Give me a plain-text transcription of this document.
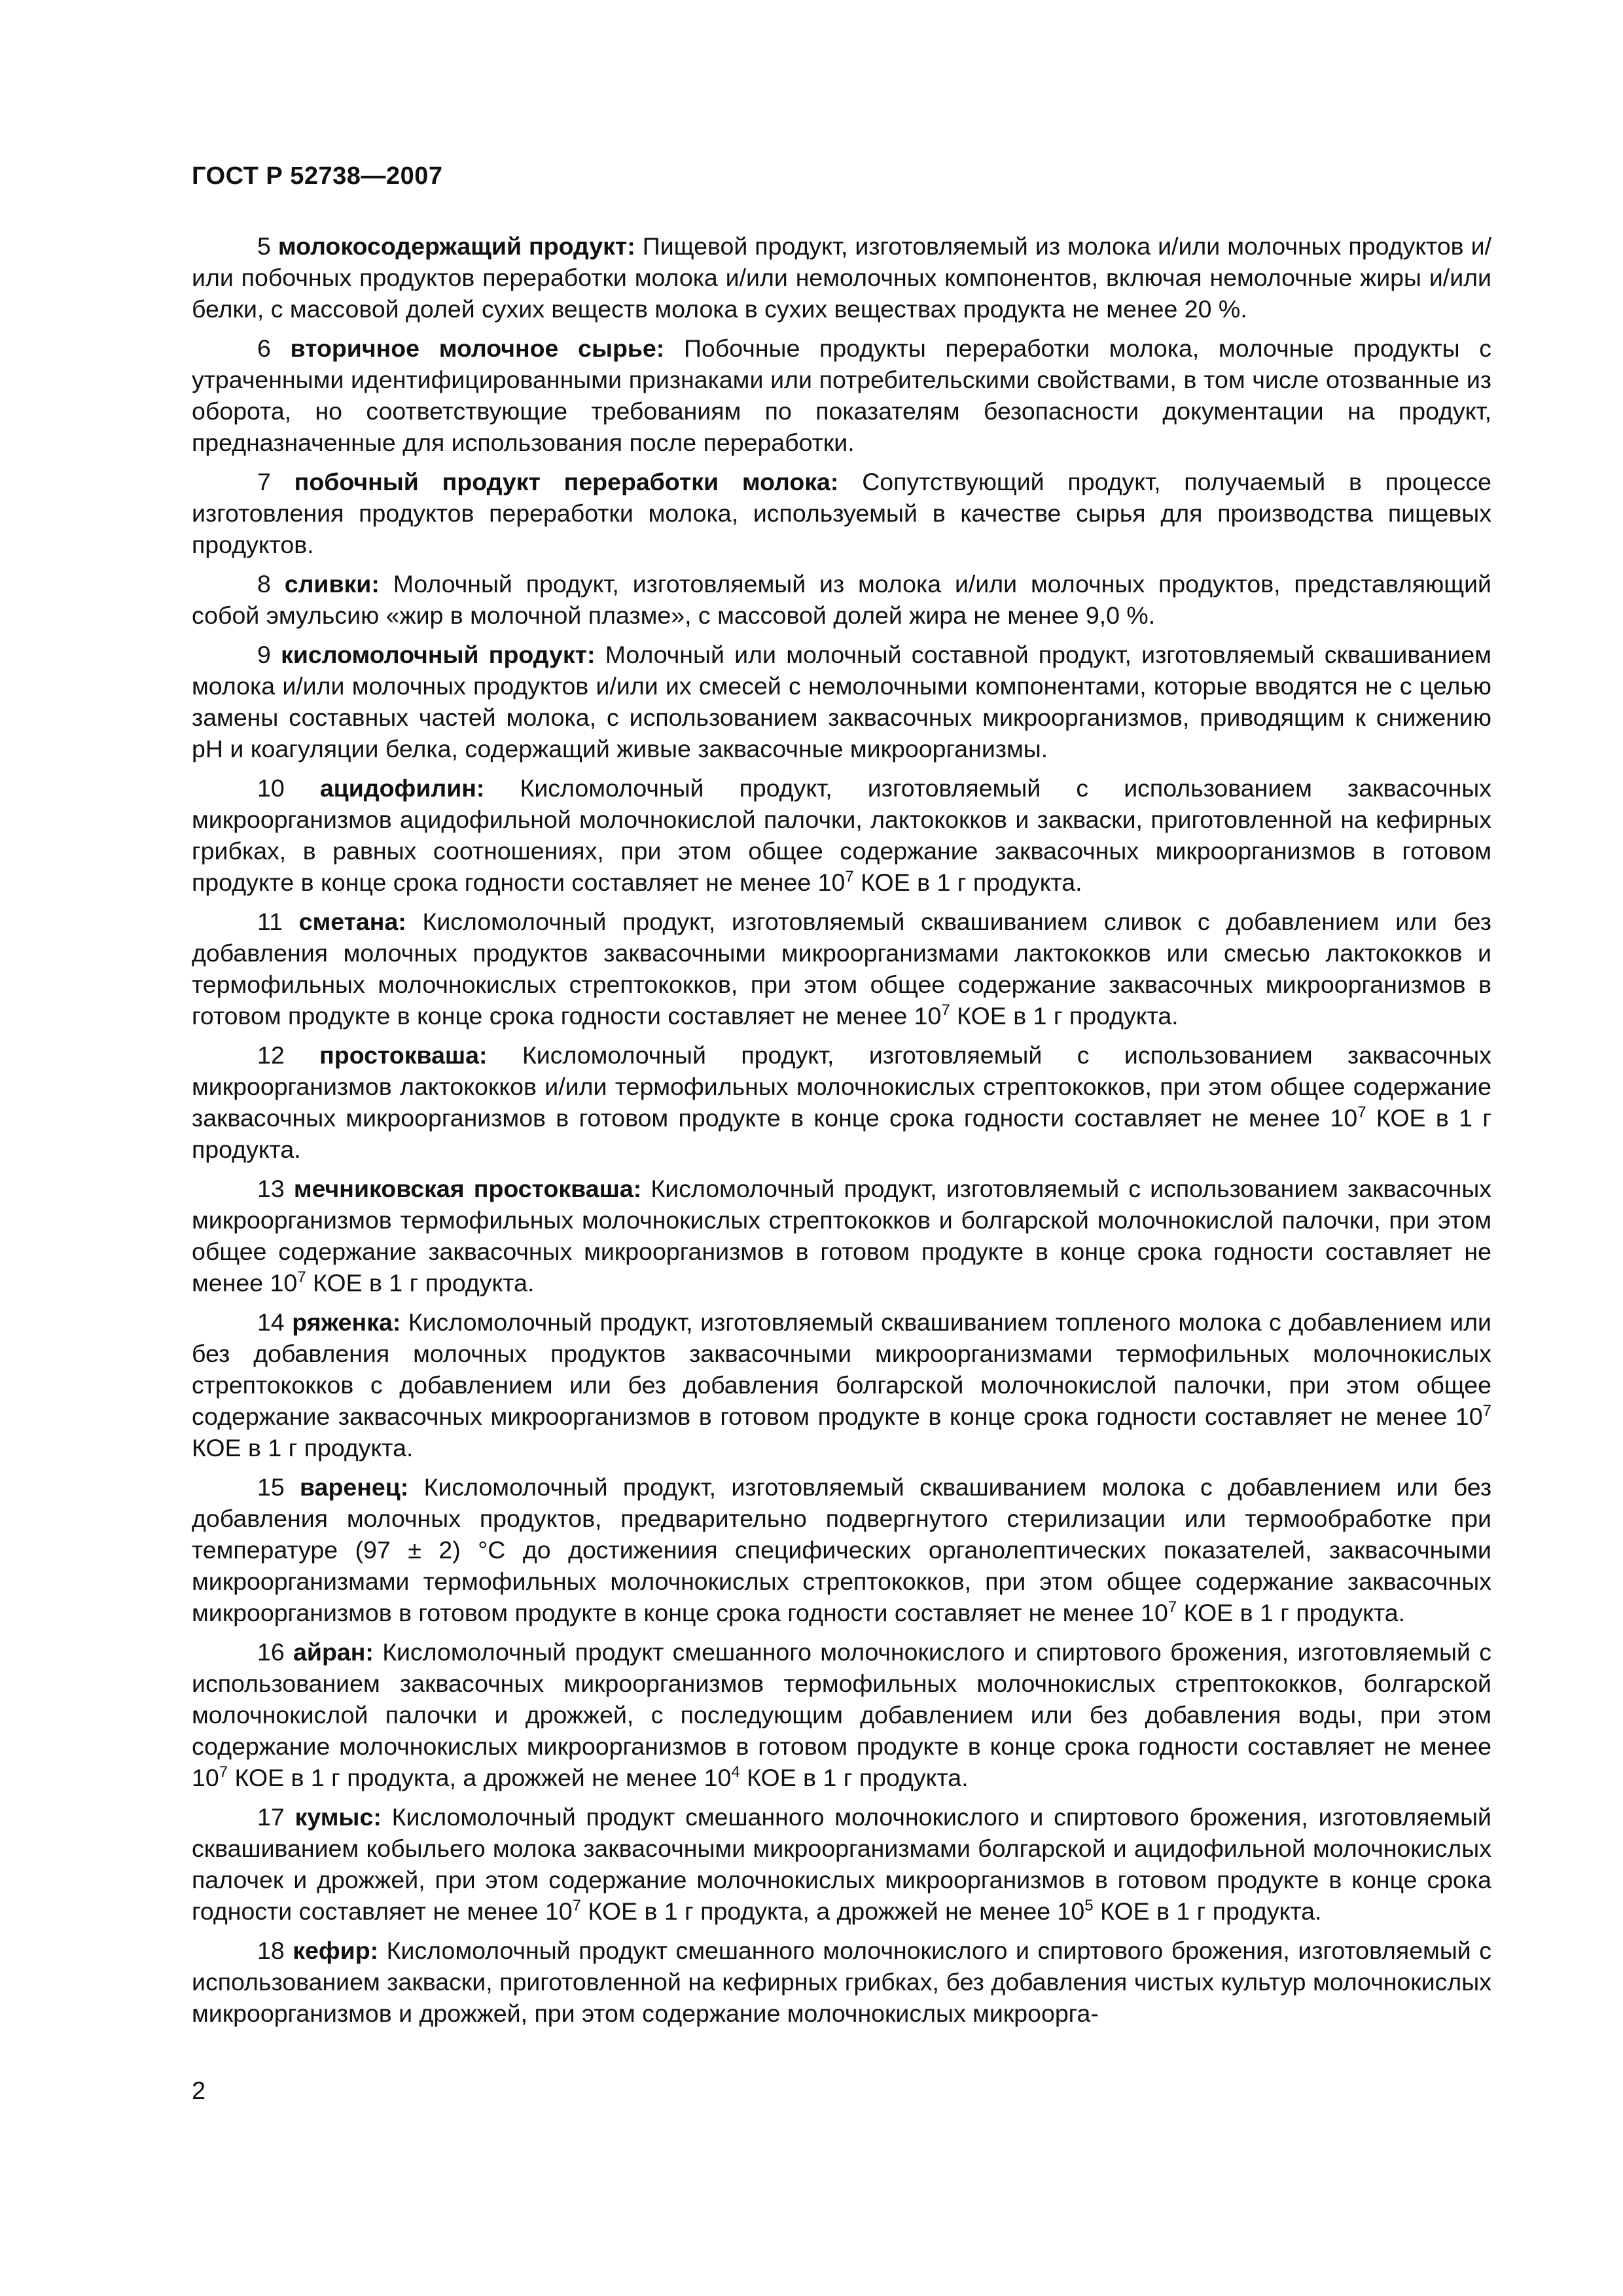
ГОСТ Р 52738—2007

5 молокосодержащий продукт: Пищевой продукт, изготовляемый из молока и/или молочных продуктов и/или побочных продуктов переработки молока и/или немолочных компонентов, включая немолочные жиры и/или белки, с массовой долей сухих веществ молока в сухих веществах продукта не менее 20 %.

6 вторичное молочное сырье: Побочные продукты переработки молока, молочные продукты с утраченными идентифицированными признаками или потребительскими свойствами, в том числе отозванные из оборота, но соответствующие требованиям по показателям безопасности документации на продукт, предназначенные для использования после переработки.

7 побочный продукт переработки молока: Сопутствующий продукт, получаемый в процессе изготовления продуктов переработки молока, используемый в качестве сырья для производства пищевых продуктов.

8 сливки: Молочный продукт, изготовляемый из молока и/или молочных продуктов, представляющий собой эмульсию «жир в молочной плазме», с массовой долей жира не менее 9,0 %.

9 кисломолочный продукт: Молочный или молочный составной продукт, изготовляемый сквашиванием молока и/или молочных продуктов и/или их смесей с немолочными компонентами, которые вводятся не с целью замены составных частей молока, с использованием заквасочных микроорганизмов, приводящим к снижению pH и коагуляции белка, содержащий живые заквасочные микроорганизмы.

10 ацидофилин: Кисломолочный продукт, изготовляемый с использованием заквасочных микроорганизмов ацидофильной молочнокислой палочки, лактококков и закваски, приготовленной на кефирных грибках, в равных соотношениях, при этом общее содержание заквасочных микроорганизмов в готовом продукте в конце срока годности составляет не менее $10^7$ КОЕ в 1 г продукта.

11 сметана: Кисломолочный продукт, изготовляемый сквашиванием сливок с добавлением или без добавления молочных продуктов заквасочными микроорганизмами лактококков или смесью лактококков и термофильных молочнокислых стрептококков, при этом общее содержание заквасочных микроорганизмов в готовом продукте в конце срока годности составляет не менее $10^7$ КОЕ в 1 г продукта.

12 простокваша: Кисломолочный продукт, изготовляемый с использованием заквасочных микроорганизмов лактококков и/или термофильных молочнокислых стрептококков, при этом общее содержание заквасочных микроорганизмов в готовом продукте в конце срока годности составляет не менее $10^7$ КОЕ в 1 г продукта.

13 мечниковская простокваша: Кисломолочный продукт, изготовляемый с использованием заквасочных микроорганизмов термофильных молочнокислых стрептококков и болгарской молочнокислой палочки, при этом общее содержание заквасочных микроорганизмов в готовом продукте в конце срока годности составляет не менее $10^7$ КОЕ в 1 г продукта.

14 ряженка: Кисломолочный продукт, изготовляемый сквашиванием топленого молока с добавлением или без добавления молочных продуктов заквасочными микроорганизмами термофильных молочнокислых стрептококков с добавлением или без добавления болгарской молочнокислой палочки, при этом общее содержание заквасочных микроорганизмов в готовом продукте в конце срока годности составляет не менее $10^7$ КОЕ в 1 г продукта.

15 варенец: Кисломолочный продукт, изготовляемый сквашиванием молока с добавлением или без добавления молочных продуктов, предварительно подвергнутого стерилизации или термообработке при температуре (97 ± 2) °С до достижениия специфических органолептических показателей, заквасочными микроорганизмами термофильных молочнокислых стрептококков, при этом общее содержание заквасочных микроорганизмов в готовом продукте в конце срока годности составляет не менее $10^7$ КОЕ в 1 г продукта.

16 айран: Кисломолочный продукт смешанного молочнокислого и спиртового брожения, изготовляемый с использованием заквасочных микроорганизмов термофильных молочнокислых стрептококков, болгарской молочнокислой палочки и дрожжей, с последующим добавлением или без добавления воды, при этом содержание молочнокислых микроорганизмов в готовом продукте в конце срока годности составляет не менее $10^7$ КОЕ в 1 г продукта, а дрожжей не менее $10^4$ КОЕ в 1 г продукта.

17 кумыс: Кисломолочный продукт смешанного молочнокислого и спиртового брожения, изготовляемый сквашиванием кобыльего молока заквасочными микроорганизмами болгарской и ацидофильной молочнокислых палочек и дрожжей, при этом содержание молочнокислых микроорганизмов в готовом продукте в конце срока годности составляет не менее $10^7$ КОЕ в 1 г продукта, а дрожжей не менее $10^5$ КОЕ в 1 г продукта.

18 кефир: Кисломолочный продукт смешанного молочнокислого и спиртового брожения, изготовляемый с использованием закваски, приготовленной на кефирных грибках, без добавления чистых культур молочнокислых микроорганизмов и дрожжей, при этом содержание молочнокислых микроорга-

2
